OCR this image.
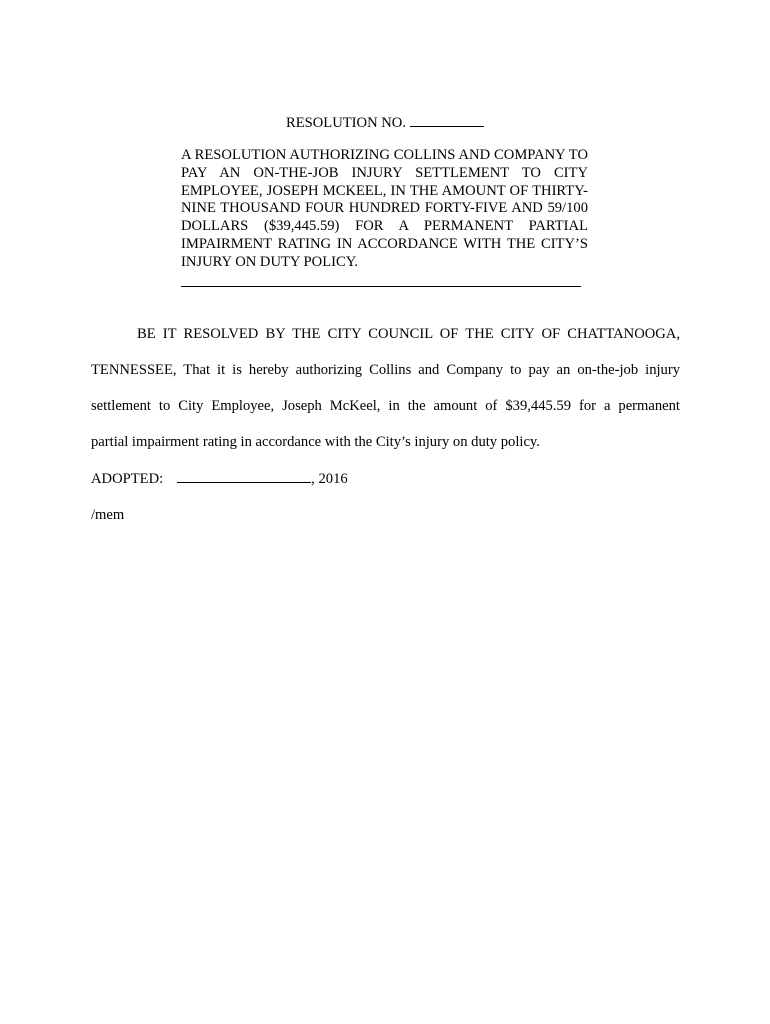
RESOLUTION NO.
A RESOLUTION AUTHORIZING COLLINS AND COMPANY TO PAY AN ON-THE-JOB INJURY SETTLEMENT TO CITY EMPLOYEE, JOSEPH MCKEEL, IN THE AMOUNT OF THIRTY-NINE THOUSAND FOUR HUNDRED FORTY-FIVE AND 59/100 DOLLARS ($39,445.59) FOR A PERMANENT PARTIAL IMPAIRMENT RATING IN ACCORDANCE WITH THE CITY’S INJURY ON DUTY POLICY.
BE IT RESOLVED BY THE CITY COUNCIL OF THE CITY OF CHATTANOOGA,
TENNESSEE, That it is hereby authorizing Collins and Company to pay an on-the-job injury
settlement to City Employee, Joseph McKeel, in the amount of $39,445.59 for a permanent
partial impairment rating in accordance with the City’s injury on duty policy.
ADOPTED:	, 2016
/mem
